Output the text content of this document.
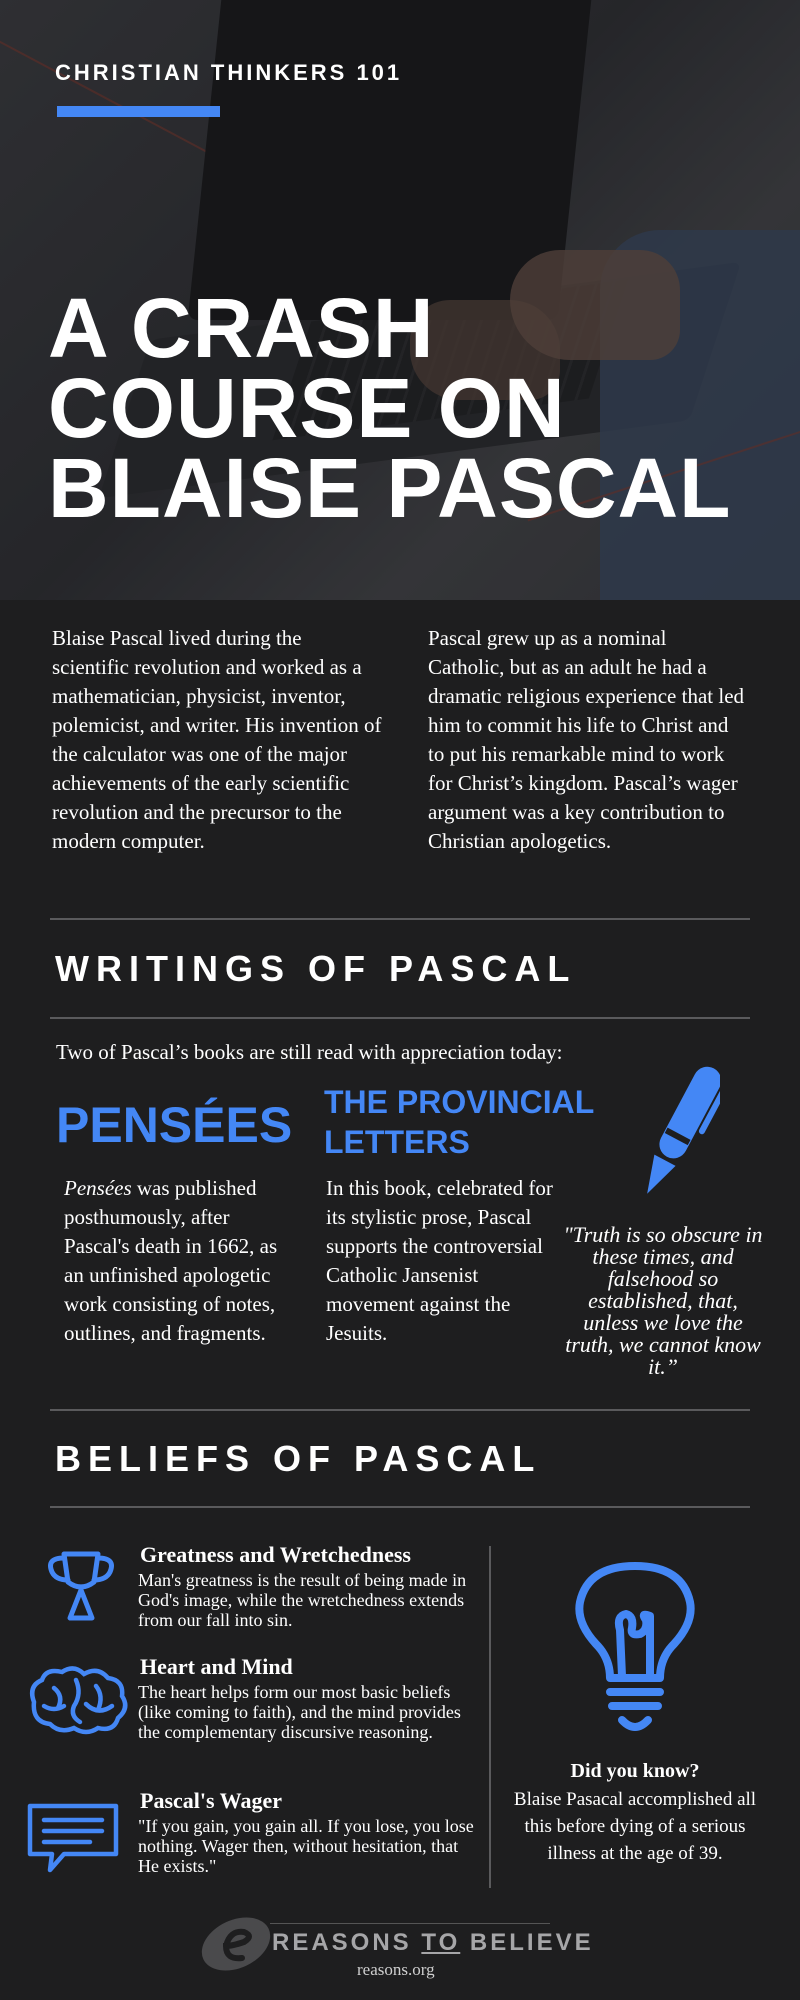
CHRISTIAN THINKERS 101
A CRASH
COURSE ON
BLAISE PASCAL
Blaise Pascal lived during the scientific revolution and worked as a mathematician, physicist, inventor, polemicist, and writer. His invention of the calculator was one of the major achievements of the early scientific revolution and the precursor to the modern computer.
Pascal grew up as a nominal Catholic, but as an adult he had a dramatic religious experience that led him to commit his life to Christ and to put his remarkable mind to work for Christ’s kingdom. Pascal’s wager argument was a key contribution to Christian apologetics.
WRITINGS OF PASCAL
Two of Pascal’s books are still read with appreciation today:
PENSÉES THE PROVINCIAL
LETTERS
Pensées was published posthumously, after Pascal's death in 1662, as an unfinished apologetic work consisting of notes, outlines, and fragments.
In this book, celebrated for its stylistic prose, Pascal supports the controversial Catholic Jansenist movement against the Jesuits.
"Truth is so obscure in these times, and falsehood so established, that, unless we love the truth, we cannot know it.”
BELIEFS OF PASCAL
Greatness and Wretchedness
Man's greatness is the result of being made in God's image, while the wretchedness extends from our fall into sin.
Heart and Mind
The heart helps form our most basic beliefs (like coming to faith), and the mind provides the complementary discursive reasoning.
Pascal's Wager
"If you gain, you gain all. If you lose, you lose nothing. Wager then, without hesitation, that He exists."
Did you know?
Blaise Pasacal accomplished all this before dying of a serious illness at the age of 39.
REASONS TO BELIEVE
reasons.org
